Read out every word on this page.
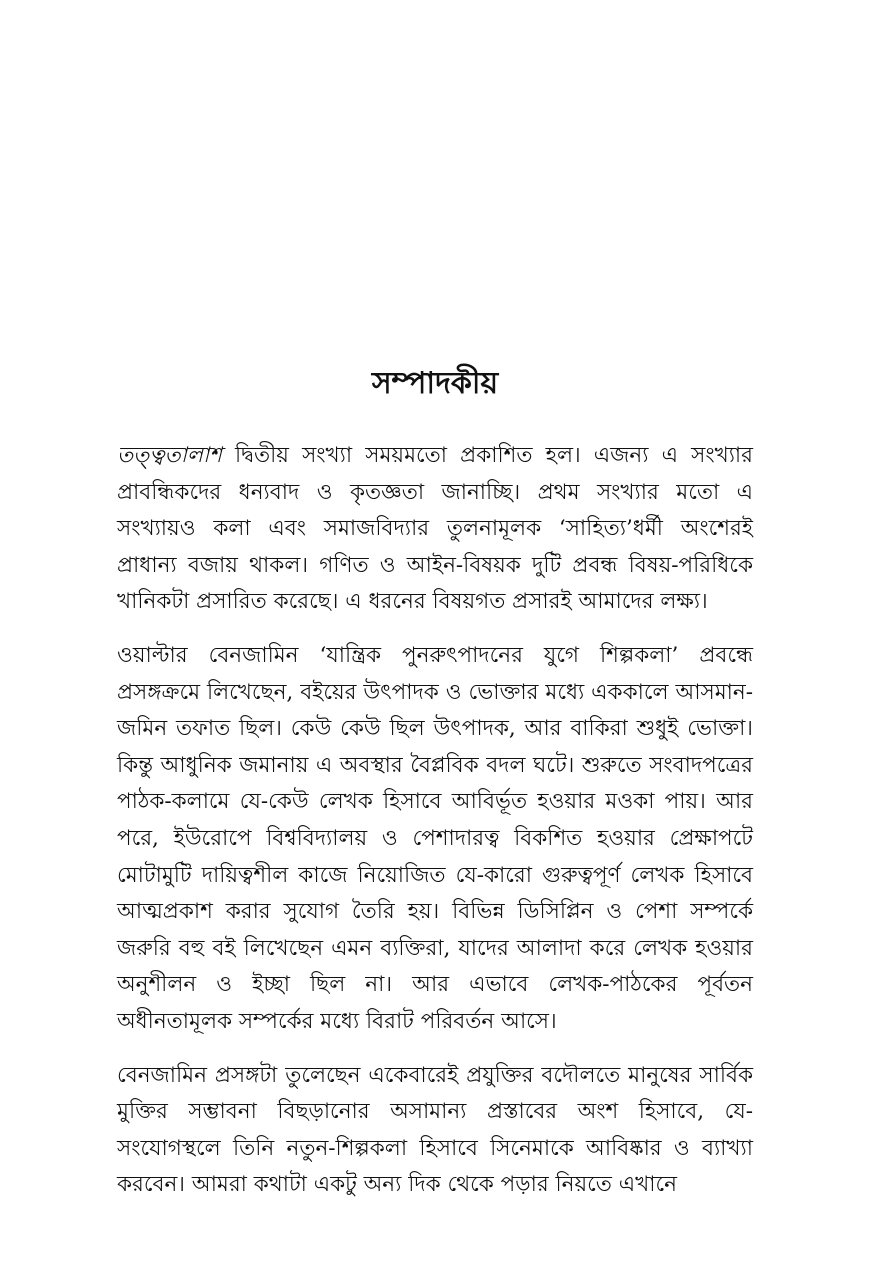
সম্পাদকীয়

তত্ত্বতালাশ দ্বিতীয় সংখ্যা সময়মতো প্রকাশিত হল। এজন্য এ সংখ্যার প্রাবন্ধিকদের ধন্যবাদ ও কৃতজ্ঞতা জানাচ্ছি। প্রথম সংখ্যার মতো এ সংখ্যায়ও কলা এবং সমাজবিদ্যার তুলনামূলক ‘সাহিত্য’ধর্মী অংশেরই প্রাধান্য বজায় থাকল। গণিত ও আইন-বিষয়ক দুটি প্রবন্ধ বিষয়-পরিধিকে খানিকটা প্রসারিত করেছে। এ ধরনের বিষয়গত প্রসারই আমাদের লক্ষ্য।

ওয়াল্টার বেনজামিন ‘যান্ত্রিক পুনরুৎপাদনের যুগে শিল্পকলা’ প্রবন্ধে প্রসঙ্গক্রমে লিখেছেন, বইয়ের উৎপাদক ও ভোক্তার মধ্যে এককালে আসমান-জমিন তফাত ছিল। কেউ কেউ ছিল উৎপাদক, আর বাকিরা শুধুই ভোক্তা। কিন্তু আধুনিক জমানায় এ অবস্থার বৈপ্লবিক বদল ঘটে। শুরুতে সংবাদপত্রের পাঠক-কলামে যে-কেউ লেখক হিসাবে আবির্ভূত হওয়ার মওকা পায়। আর পরে, ইউরোপে বিশ্ববিদ্যালয় ও পেশাদারত্ব বিকশিত হওয়ার প্রেক্ষাপটে মোটামুটি দায়িত্বশীল কাজে নিয়োজিত যে-কারো গুরুত্বপূর্ণ লেখক হিসাবে আত্মপ্রকাশ করার সুযোগ তৈরি হয়। বিভিন্ন ডিসিপ্লিন ও পেশা সম্পর্কে জরুরি বহু বই লিখেছেন এমন ব্যক্তিরা, যাদের আলাদা করে লেখক হওয়ার অনুশীলন ও ইচ্ছা ছিল না। আর এভাবে লেখক-পাঠকের পূর্বতন অধীনতামূলক সম্পর্কের মধ্যে বিরাট পরিবর্তন আসে।

বেনজামিন প্রসঙ্গটা তুলেছেন একেবারেই প্রযুক্তির বদৌলতে মানুষের সার্বিক মুক্তির সম্ভাবনা বিছড়ানোর অসামান্য প্রস্তাবের অংশ হিসাবে, যে-সংযোগস্থলে তিনি নতুন-শিল্পকলা হিসাবে সিনেমাকে আবিষ্কার ও ব্যাখ্যা করবেন। আমরা কথাটা একটু অন্য দিক থেকে পড়ার নিয়তে এখানে
